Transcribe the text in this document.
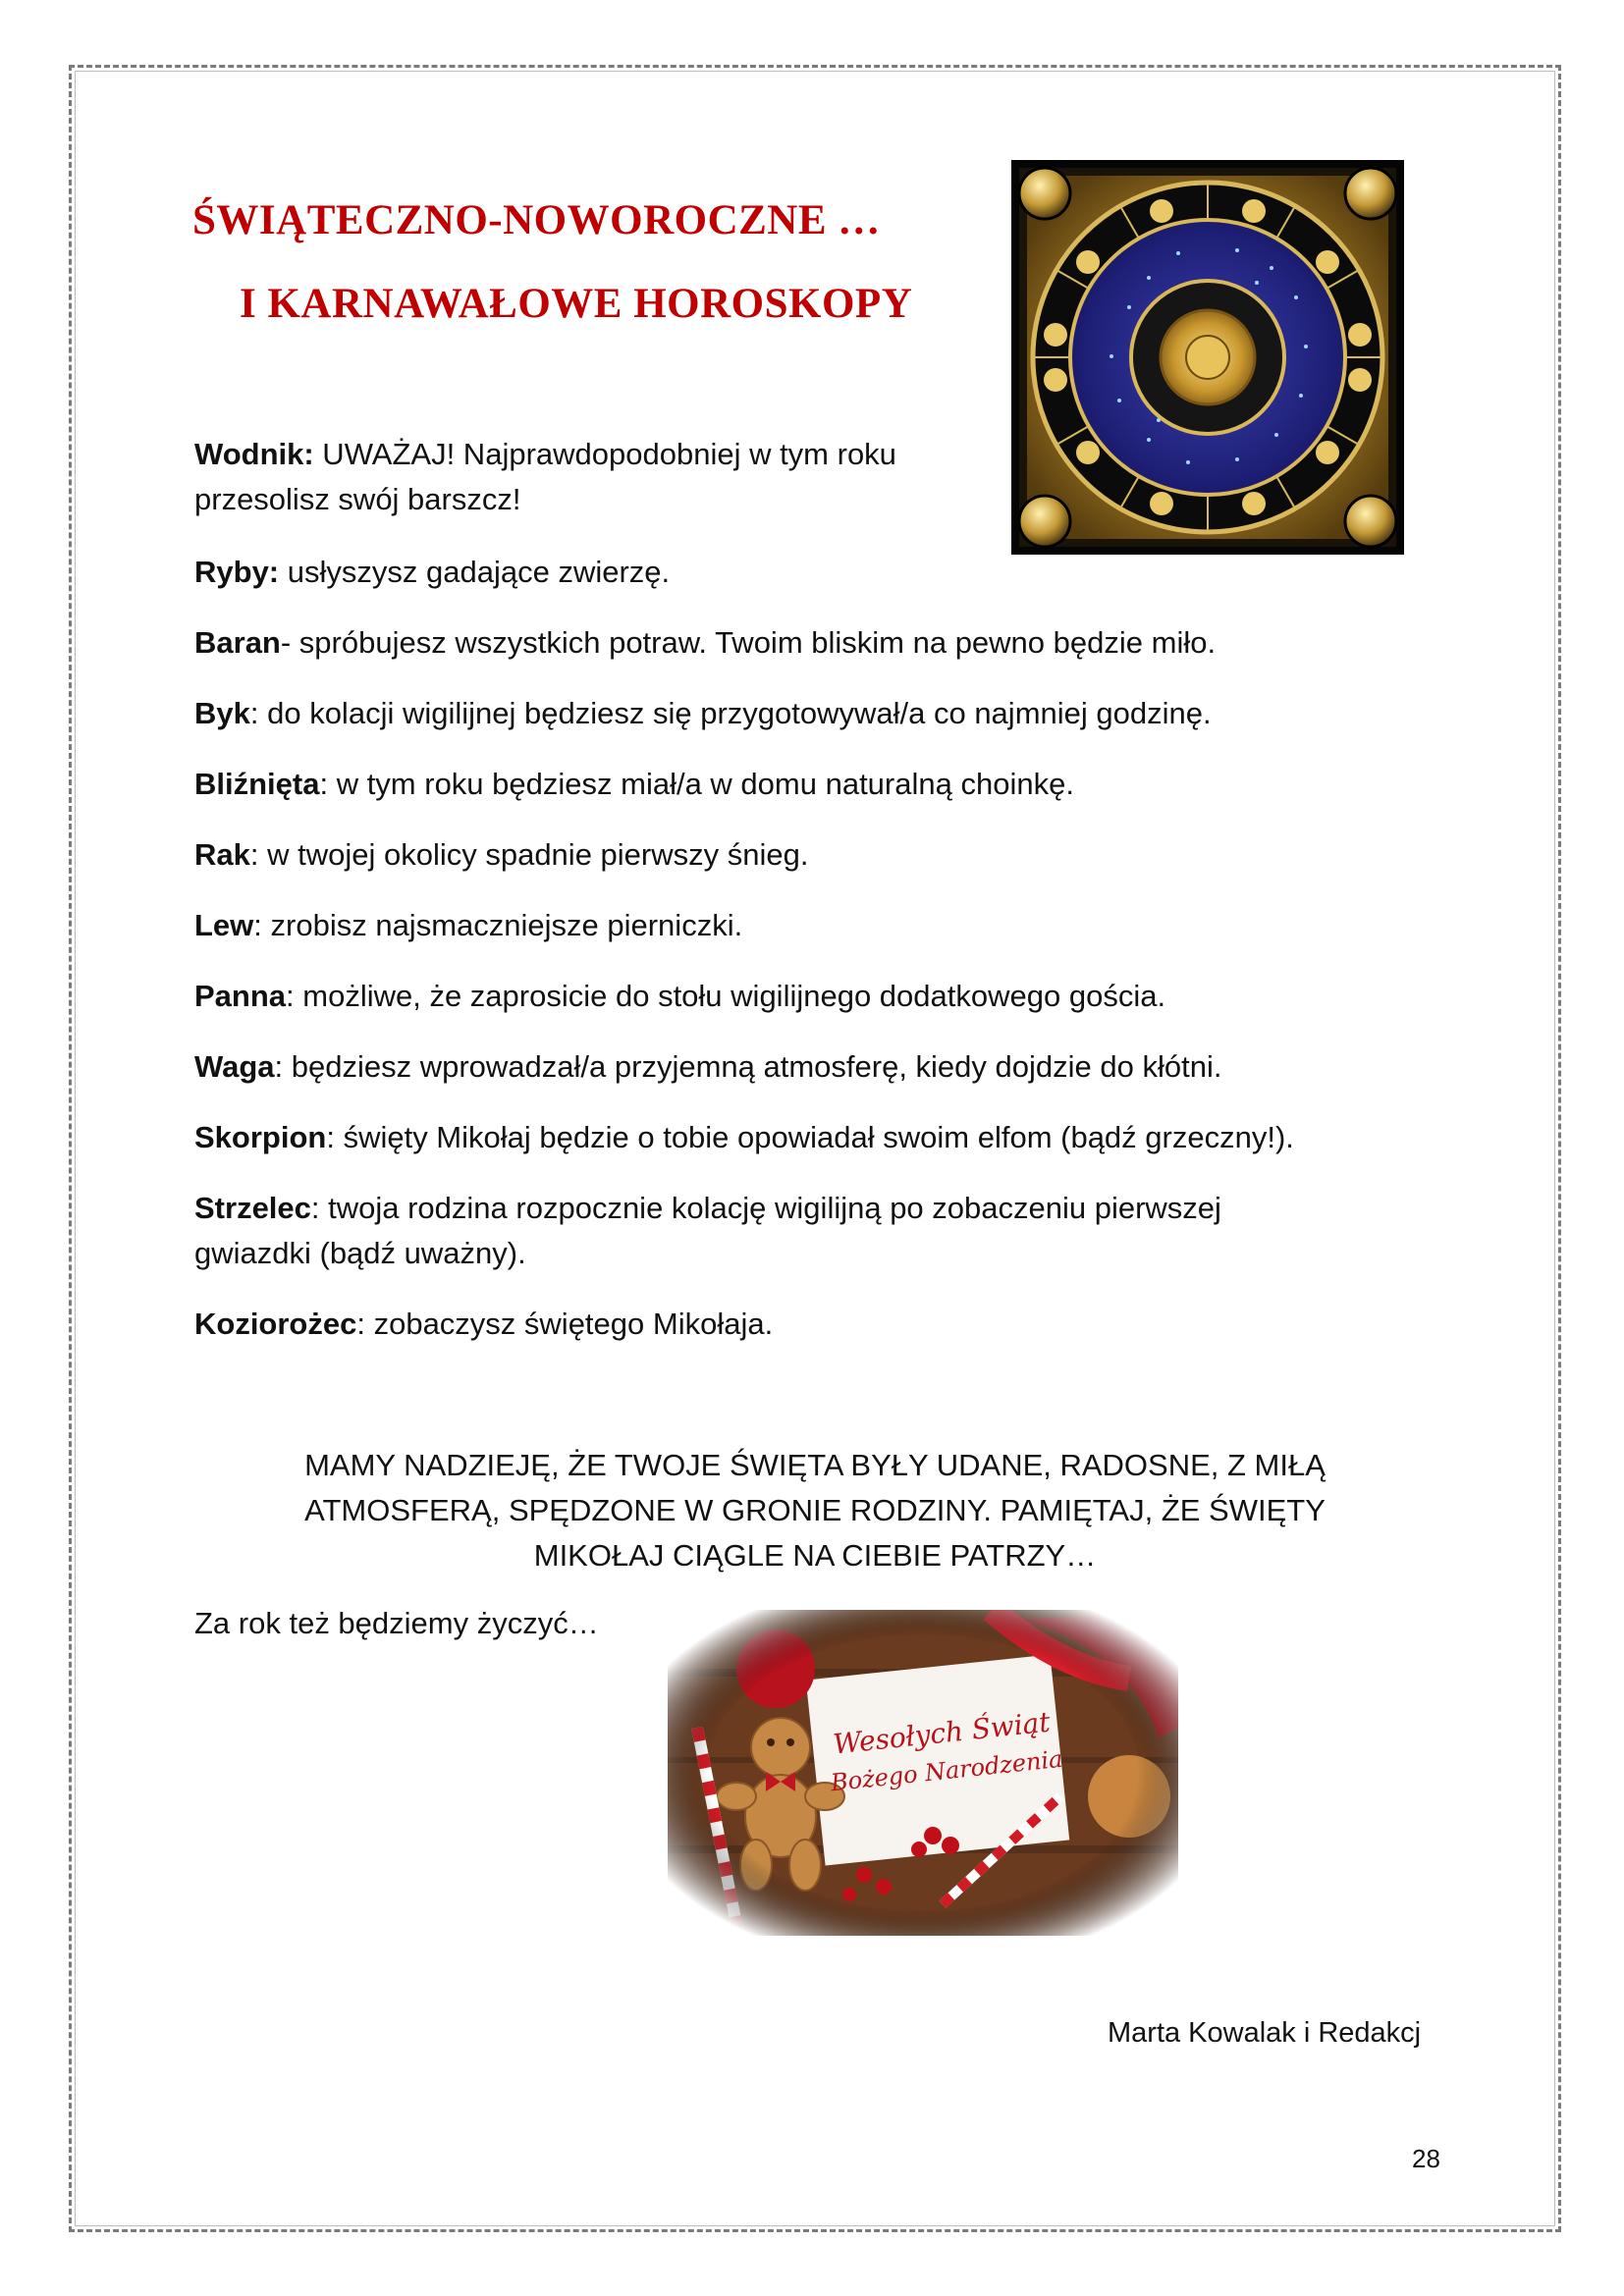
ŚWIĄTECZNO-NOWOROCZNE …
I KARNAWAŁOWE HOROSKOPY
Wodnik: UWAŻAJ! Najprawdopodobniej w tym roku
przesolisz swój barszcz!
Ryby: usłyszysz gadające zwierzę.
Baran- spróbujesz wszystkich potraw. Twoim bliskim na pewno będzie miło.
Byk: do kolacji wigilijnej będziesz się przygotowywał/a co najmniej godzinę.
Bliźnięta: w tym roku będziesz miał/a w domu naturalną choinkę.
Rak: w twojej okolicy spadnie pierwszy śnieg.
Lew: zrobisz najsmaczniejsze pierniczki.
Panna: możliwe, że zaprosicie do stołu wigilijnego dodatkowego gościa.
Waga: będziesz wprowadzał/a przyjemną atmosferę, kiedy dojdzie do kłótni.
Skorpion: święty Mikołaj będzie o tobie opowiadał swoim elfom (bądź grzeczny!).
Strzelec: twoja rodzina rozpocznie kolację wigilijną po zobaczeniu pierwszej
gwiazdki (bądź uważny).
Koziorożec: zobaczysz świętego Mikołaja.
MAMY NADZIEJĘ, ŻE TWOJE ŚWIĘTA BYŁY UDANE, RADOSNE, Z MIŁĄ
ATMOSFERĄ, SPĘDZONE W GRONIE RODZINY. PAMIĘTAJ, ŻE ŚWIĘTY
MIKOŁAJ CIĄGLE NA CIEBIE PATRZY…
Za rok też będziemy życzyć…
Marta Kowalak i Redakcj
28
